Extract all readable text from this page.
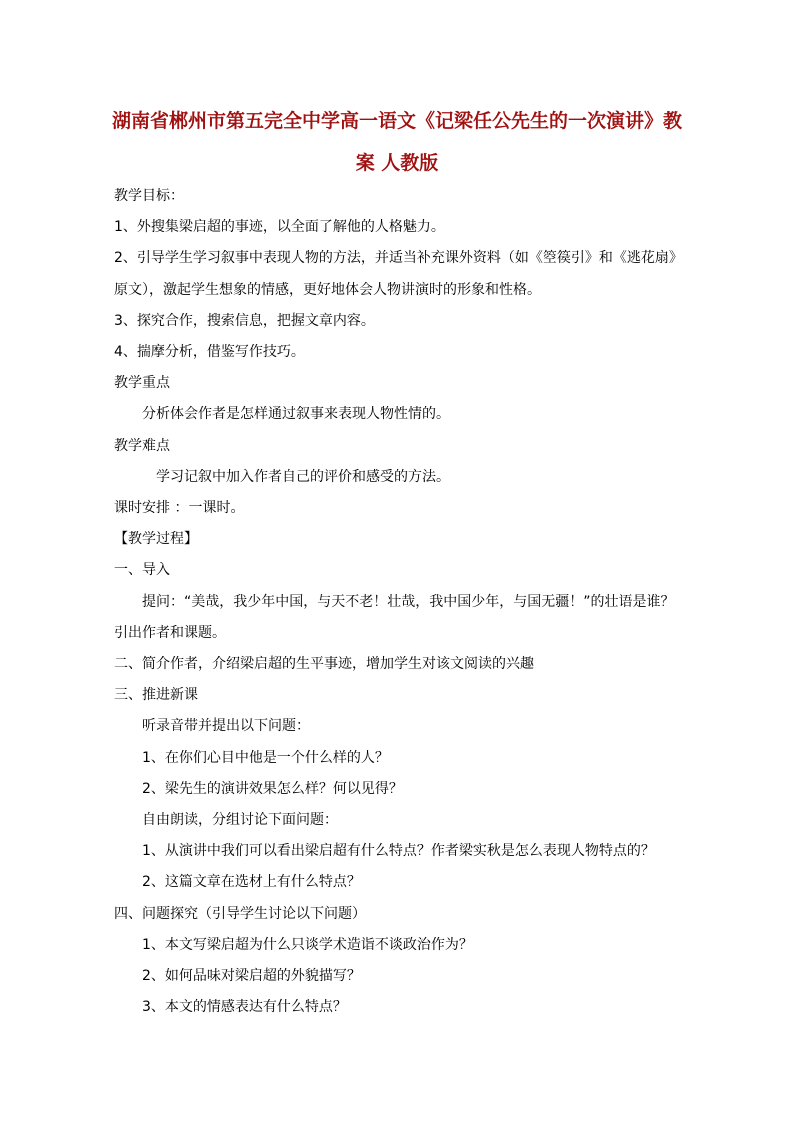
湖南省郴州市第五完全中学高一语文《记梁任公先生的一次演讲》教
案 人教版
教学目标：
1、外搜集梁启超的事迹，以全面了解他的人格魅力。
2、引导学生学习叙事中表现人物的方法，并适当补充课外资料（如《箜篌引》和《逃花扇》
原文），激起学生想象的情感，更好地体会人物讲演时的形象和性格。
3、探究合作，搜索信息，把握文章内容。
4、揣摩分析，借鉴写作技巧。
教学重点
分析体会作者是怎样通过叙事来表现人物性情的。
教学难点
学习记叙中加入作者自己的评价和感受的方法。
课时安排 ：一课时。
【教学过程】
一、导入
提问：“美哉，我少年中国，与天不老！壮哉，我中国少年，与国无疆！”的壮语是谁？
引出作者和课题。
二、简介作者，介绍梁启超的生平事迹，增加学生对该文阅读的兴趣
三、推进新课
听录音带并提出以下问题：
1、在你们心目中他是一个什么样的人？
2、梁先生的演讲效果怎么样？何以见得？
自由朗读，分组讨论下面问题：
1、从演讲中我们可以看出梁启超有什么特点？作者梁实秋是怎么表现人物特点的？
2、这篇文章在选材上有什么特点？
四、问题探究（引导学生讨论以下问题）
1、本文写梁启超为什么只谈学术造诣不谈政治作为？
2、如何品味对梁启超的外貌描写？
3、本文的情感表达有什么特点？
